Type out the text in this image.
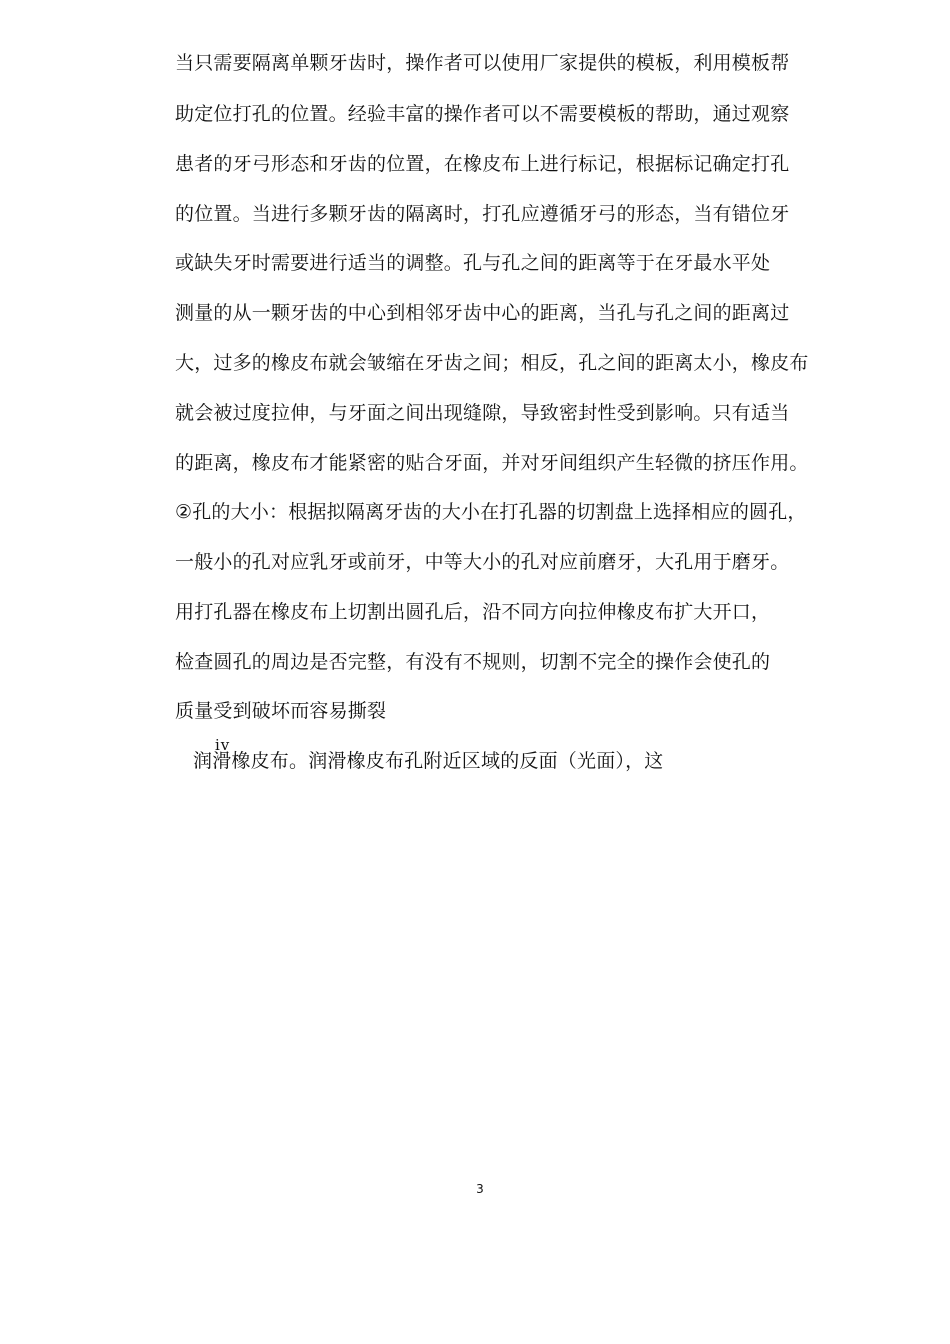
当只需要隔离单颗牙齿时，操作者可以使用厂家提供的模板，利用模板帮
助定位打孔的位置。经验丰富的操作者可以不需要模板的帮助，通过观察
患者的牙弓形态和牙齿的位置，在橡皮布上进行标记，根据标记确定打孔
的位置。当进行多颗牙齿的隔离时，打孔应遵循牙弓的形态，当有错位牙
或缺失牙时需要进行适当的调整。孔与孔之间的距离等于在牙最水平处
测量的从一颗牙齿的中心到相邻牙齿中心的距离，当孔与孔之间的距离过
大，过多的橡皮布就会皱缩在牙齿之间；相反，孔之间的距离太小，橡皮布
就会被过度拉伸，与牙面之间出现缝隙，导致密封性受到影响。只有适当
的距离，橡皮布才能紧密的贴合牙面，并对牙间组织产生轻微的挤压作用。
②孔的大小：根据拟隔离牙齿的大小在打孔器的切割盘上选择相应的圆孔，
一般小的孔对应乳牙或前牙，中等大小的孔对应前磨牙，大孔用于磨牙。
用打孔器在橡皮布上切割出圆孔后，沿不同方向拉伸橡皮布扩大开口，
检查圆孔的周边是否完整，有没有不规则，切割不完全的操作会使孔的
质量受到破坏而容易撕裂
iv
润滑橡皮布。润滑橡皮布孔附近区域的反面（光面），这
3
